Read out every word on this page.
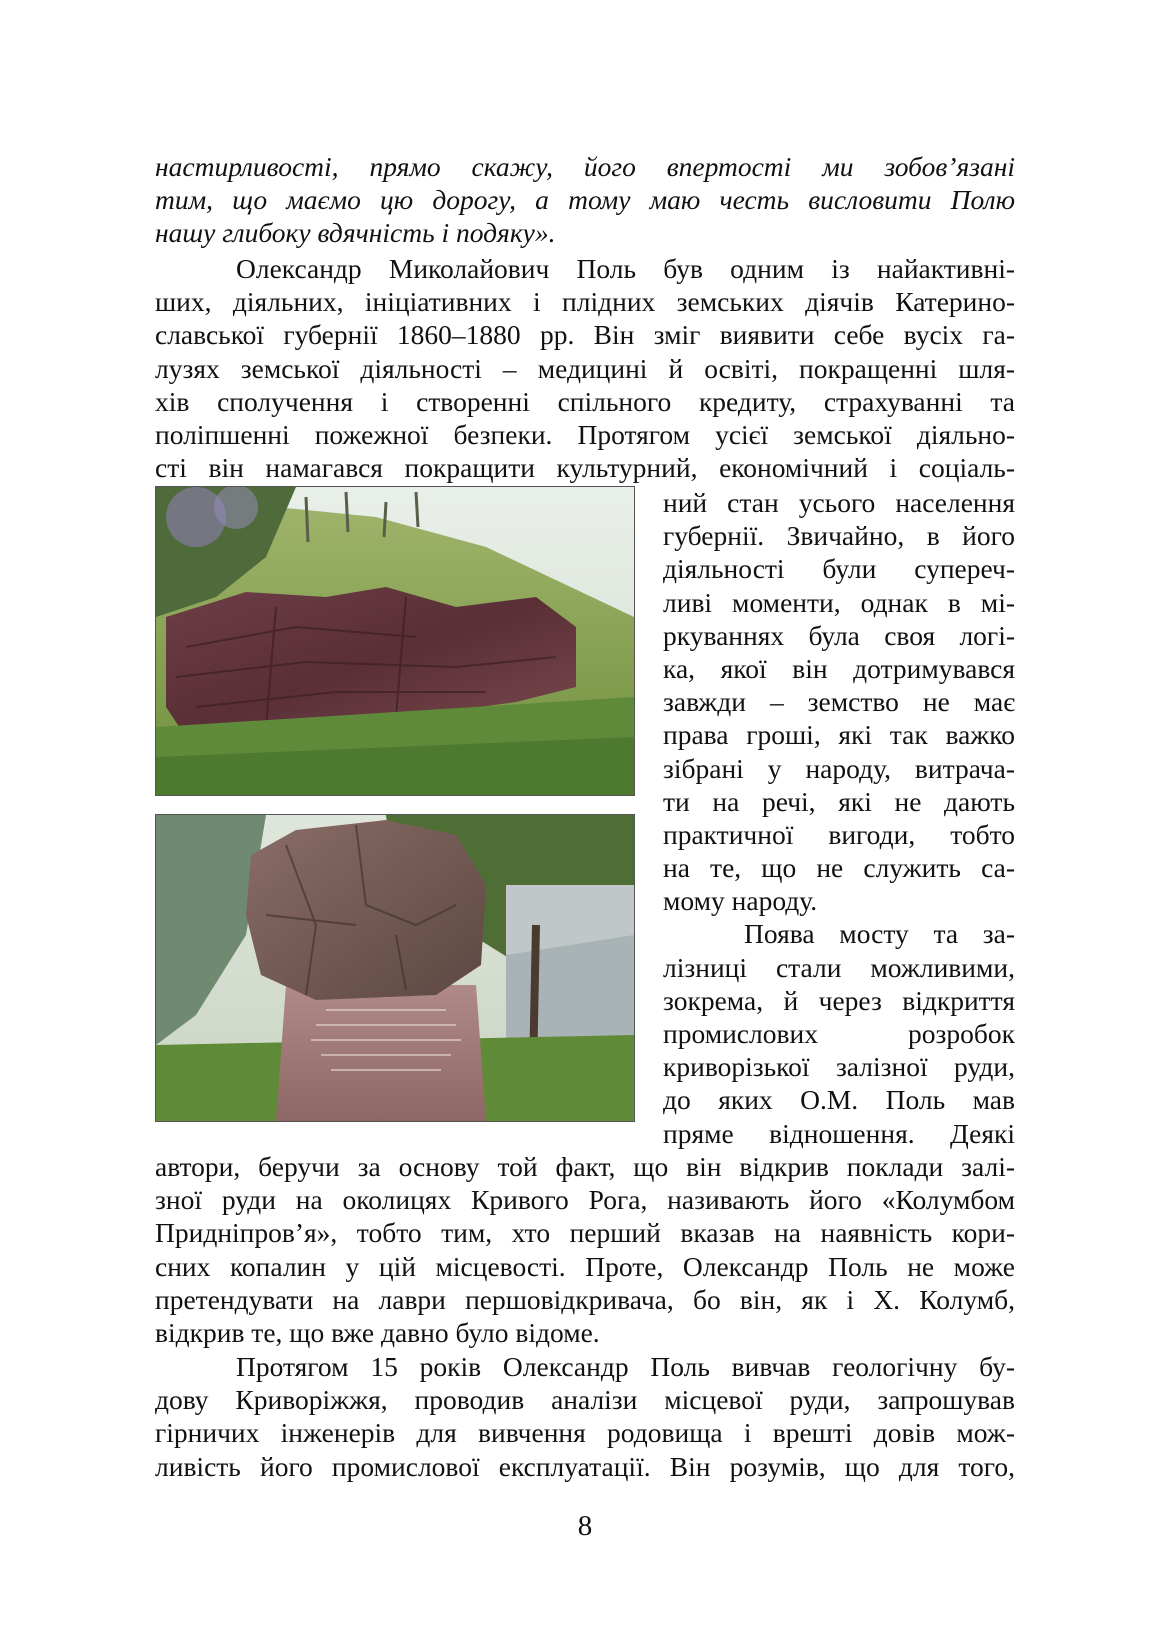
настирливості, прямо скажу, його впертості ми зобов’язані
тим, що маємо цю дорогу, а тому маю честь висловити Полю
нашу глибоку вдячність і подяку».
Олександр Миколайович Поль був одним із найактивні-
ших, діяльних, ініціативних і плідних земських діячів Катерино-
славської губернії 1860–1880 рр. Він зміг виявити себе вусіх га-
лузях земської діяльності – медицині й освіті, покращенні шля-
хів сполучення і створенні спільного кредиту, страхуванні та
поліпшенні пожежної безпеки. Протягом усієї земської діяльно-
сті він намагався покращити культурний, економічний і соціаль-
ний стан усього населення
губернії. Звичайно, в його
діяльності були супереч-
ливі моменти, однак в мі-
ркуваннях була своя логі-
ка, якої він дотримувався
завжди – земство не має
права гроші, які так важко
зібрані у народу, витрача-
ти на речі, які не дають
практичної вигоди, тобто
на те, що не служить са-
мому народу.
Поява мосту та за-
лізниці стали можливими,
зокрема, й через відкриття
промислових розробок
криворізької залізної руди,
до яких О.М. Поль мав
пряме відношення. Деякі
автори, беручи за основу той факт, що він відкрив поклади залі-
зної руди на околицях Кривого Рога, називають його «Колумбом
Придніпров’я», тобто тим, хто перший вказав на наявність кори-
сних копалин у цій місцевості. Проте, Олександр Поль не може
претендувати на лаври першовідкривача, бо він, як і Х. Колумб,
відкрив те, що вже давно було відоме.
Протягом 15 років Олександр Поль вивчав геологічну бу-
дову Криворіжжя, проводив аналізи місцевої руди, запрошував
гірничих інженерів для вивчення родовища і врешті довів мож-
ливість його промислової експлуатації. Він розумів, що для того,
8
